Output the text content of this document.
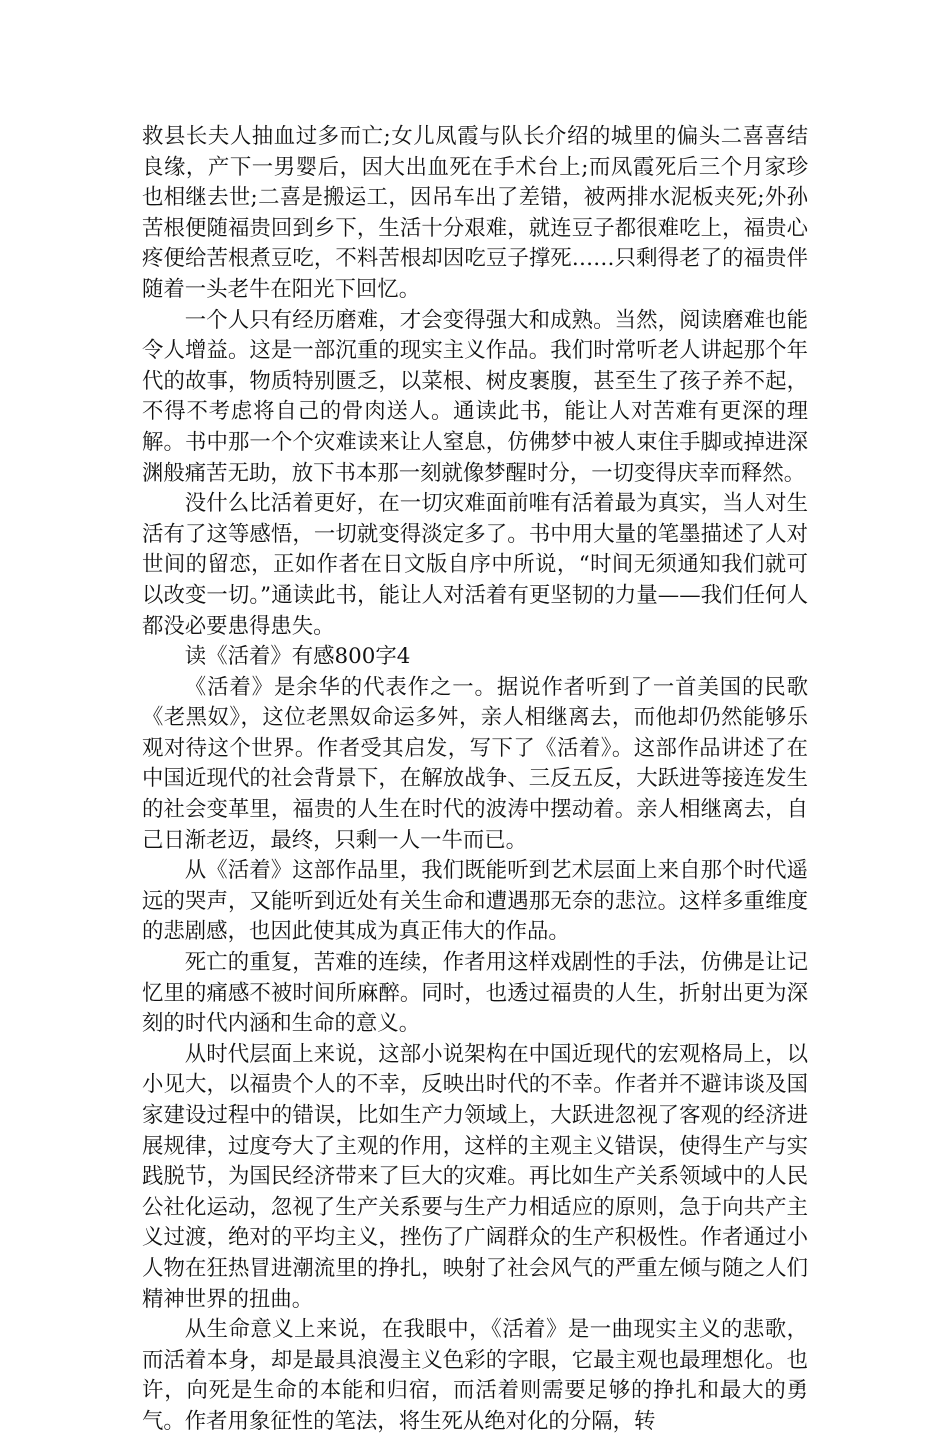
救县长夫人抽血过多而亡;女儿凤霞与队长介绍的城里的偏头二喜喜结良缘，产下一男婴后，因大出血死在手术台上;而凤霞死后三个月家珍也相继去世;二喜是搬运工，因吊车出了差错，被两排水泥板夹死;外孙苦根便随福贵回到乡下，生活十分艰难，就连豆子都很难吃上，福贵心疼便给苦根煮豆吃，不料苦根却因吃豆子撑死……只剩得老了的福贵伴随着一头老牛在阳光下回忆。

一个人只有经历磨难，才会变得强大和成熟。当然，阅读磨难也能令人增益。这是一部沉重的现实主义作品。我们时常听老人讲起那个年代的故事，物质特别匮乏，以菜根、树皮裹腹，甚至生了孩子养不起，不得不考虑将自己的骨肉送人。通读此书，能让人对苦难有更深的理解。书中那一个个灾难读来让人窒息，仿佛梦中被人束住手脚或掉进深渊般痛苦无助，放下书本那一刻就像梦醒时分，一切变得庆幸而释然。

没什么比活着更好，在一切灾难面前唯有活着最为真实，当人对生活有了这等感悟，一切就变得淡定多了。书中用大量的笔墨描述了人对世间的留恋，正如作者在日文版自序中所说，“时间无须通知我们就可以改变一切。”通读此书，能让人对活着有更坚韧的力量——我们任何人都没必要患得患失。

读《活着》有感800字4

《活着》是余华的代表作之一。据说作者听到了一首美国的民歌《老黑奴》，这位老黑奴命运多舛，亲人相继离去，而他却仍然能够乐观对待这个世界。作者受其启发，写下了《活着》。这部作品讲述了在中国近现代的社会背景下，在解放战争、三反五反，大跃进等接连发生的社会变革里，福贵的人生在时代的波涛中摆动着。亲人相继离去，自己日渐老迈，最终，只剩一人一牛而已。

从《活着》这部作品里，我们既能听到艺术层面上来自那个时代遥远的哭声，又能听到近处有关生命和遭遇那无奈的悲泣。这样多重维度的悲剧感，也因此使其成为真正伟大的作品。

死亡的重复，苦难的连续，作者用这样戏剧性的手法，仿佛是让记忆里的痛感不被时间所麻醉。同时，也透过福贵的人生，折射出更为深刻的时代内涵和生命的意义。

从时代层面上来说，这部小说架构在中国近现代的宏观格局上，以小见大，以福贵个人的不幸，反映出时代的不幸。作者并不避讳谈及国家建设过程中的错误，比如生产力领域上，大跃进忽视了客观的经济进展规律，过度夸大了主观的作用，这样的主观主义错误，使得生产与实践脱节，为国民经济带来了巨大的灾难。再比如生产关系领域中的人民公社化运动，忽视了生产关系要与生产力相适应的原则，急于向共产主义过渡，绝对的平均主义，挫伤了广阔群众的生产积极性。作者通过小人物在狂热冒进潮流里的挣扎，映射了社会风气的严重左倾与随之人们精神世界的扭曲。

从生命意义上来说，在我眼中，《活着》是一曲现实主义的悲歌，而活着本身，却是最具浪漫主义色彩的字眼，它最主观也最理想化。也许，向死是生命的本能和归宿，而活着则需要足够的挣扎和最大的勇气。作者用象征性的笔法，将生死从绝对化的分隔，转
